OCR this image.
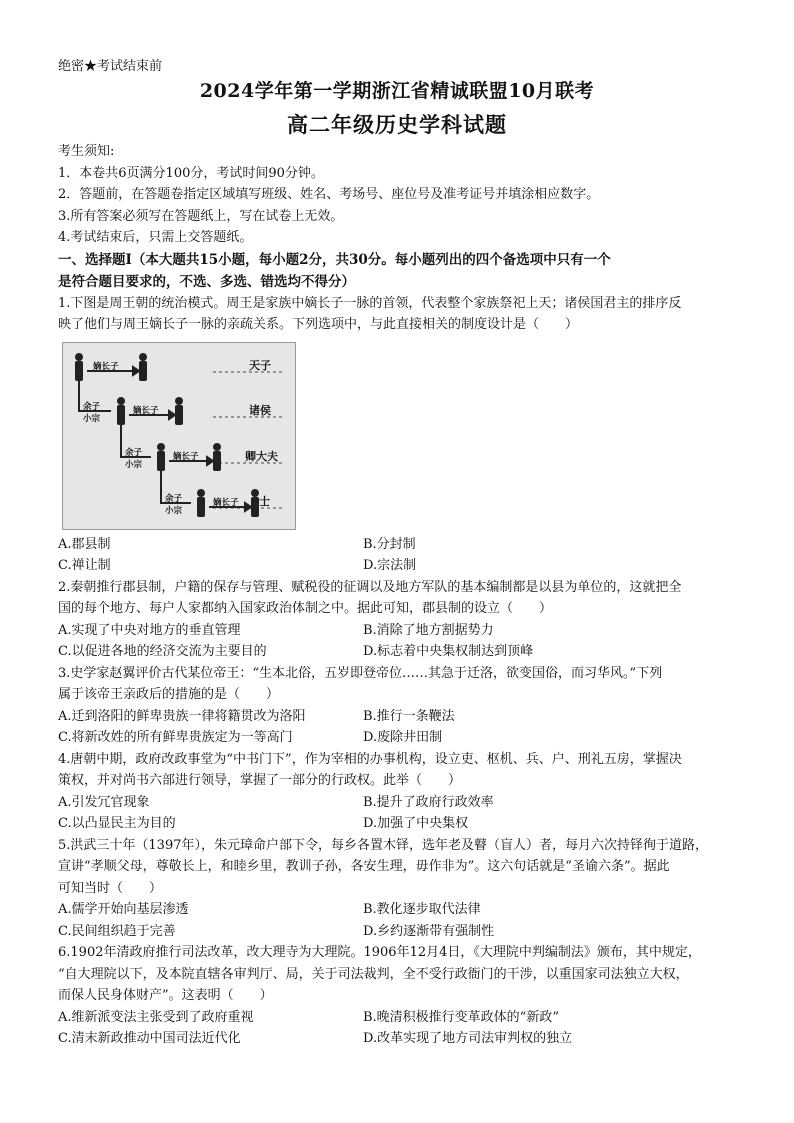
绝密★考试结束前
2024学年第一学期浙江省精诚联盟10月联考
高二年级历史学科试题
考生须知:
1．本卷共6页满分100分，考试时间90分钟。
2．答题前，在答题卷指定区域填写班级、姓名、考场号、座位号及准考证号并填涂相应数字。
3.所有答案必须写在答题纸上，写在试卷上无效。
4.考试结束后，只需上交答题纸。
一、选择题Ⅰ（本大题共15小题，每小题2分，共30分。每小题列出的四个备选项中只有一个
是符合题目要求的，不选、多选、错选均不得分）
1.下图是周王朝的统治模式。周王是家族中嫡长子一脉的首领，代表整个家族祭祀上天；诸侯国君主的排序反
映了他们与周王嫡长子一脉的亲疏关系。下列选项中，与此直接相关的制度设计是（　　）
嫡长子
嫡长子
嫡长子
嫡长子
余子
小宗
余子
小宗
余子
小宗
天子
诸侯
卿大夫
士
A.郡县制	B.分封制
C.禅让制	D.宗法制
2.秦朝推行郡县制，户籍的保存与管理、赋税役的征调以及地方军队的基本编制都是以县为单位的，这就把全
国的每个地方、每户人家都纳入国家政治体制之中。据此可知，郡县制的设立（　　）
A.实现了中央对地方的垂直管理	B.消除了地方割据势力
C.以促进各地的经济交流为主要目的	D.标志着中央集权制达到顶峰
3.史学家赵翼评价古代某位帝王：“生本北俗，五岁即登帝位……其急于迁洛，欲变国俗，而习华风。”下列
属于该帝王亲政后的措施的是（　　）
A.迁到洛阳的鲜卑贵族一律将籍贯改为洛阳	B.推行一条鞭法
C.将新改姓的所有鲜卑贵族定为一等高门	D.废除井田制
4.唐朝中期，政府改政事堂为“中书门下”，作为宰相的办事机构，设立吏、枢机、兵、户、刑礼五房，掌握决
策权，并对尚书六部进行领导，掌握了一部分的行政权。此举（　　）
A.引发冗官现象	B.提升了政府行政效率
C.以凸显民主为目的	D.加强了中央集权
5.洪武三十年（1397年），朱元璋命户部下令，每乡各置木铎，选年老及瞽（盲人）者，每月六次持铎徇于道路，
宣讲“孝顺父母，尊敬长上，和睦乡里，教训子孙，各安生理，毋作非为”。这六句话就是“圣谕六条”。据此
可知当时（　　）
A.儒学开始向基层渗透	B.教化逐步取代法律
C.民间组织趋于完善	D.乡约逐渐带有强制性
6.1902年清政府推行司法改革，改大理寺为大理院。1906年12月4日，《大理院中判编制法》颁布，其中规定，
“自大理院以下，及本院直辖各审判厅、局，关于司法裁判，全不受行政衙门的干涉，以重国家司法独立大权，
而保人民身体财产”。这表明（　　）
A.维新派变法主张受到了政府重视	B.晚清积极推行变革政体的“新政”
C.清末新政推动中国司法近代化	D.改革实现了地方司法审判权的独立
